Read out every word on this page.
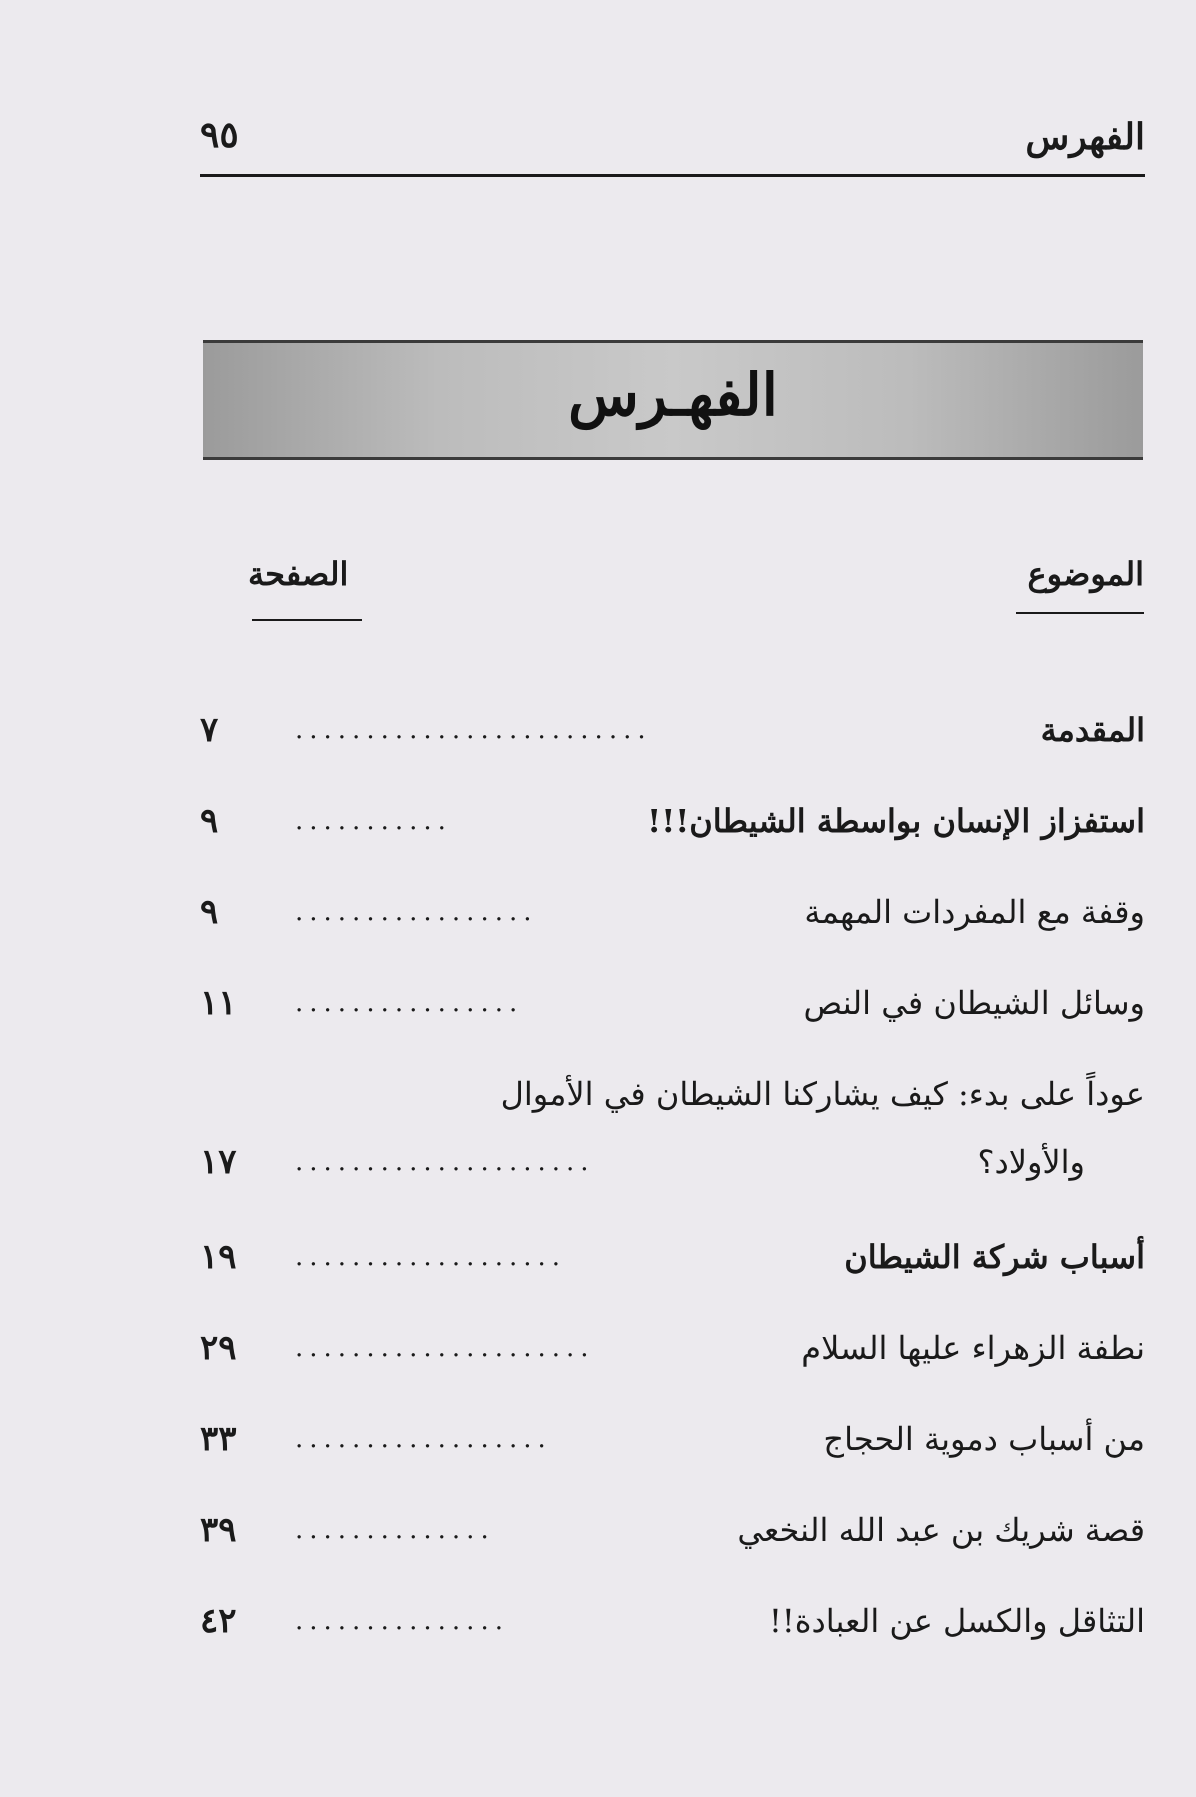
الفهرس
٩٥
الفهـرس
الموضوع
الصفحة
المقدمة
.........................
٧
استفزاز الإنسان بواسطة الشيطان!!!
...........
٩
وقفة مع المفردات المهمة
.................
٩
وسائل الشيطان في النص
................
١١
عوداً على بدء: كيف يشاركنا الشيطان في الأموال
والأولاد؟
.....................
١٧
أسباب شركة الشيطان
...................
١٩
نطفة الزهراء عليها السلام
.....................
٢٩
من أسباب دموية الحجاج
..................
٣٣
قصة شريك بن عبد الله النخعي
..............
٣٩
التثاقل والكسل عن العبادة!!
...............
٤٢
